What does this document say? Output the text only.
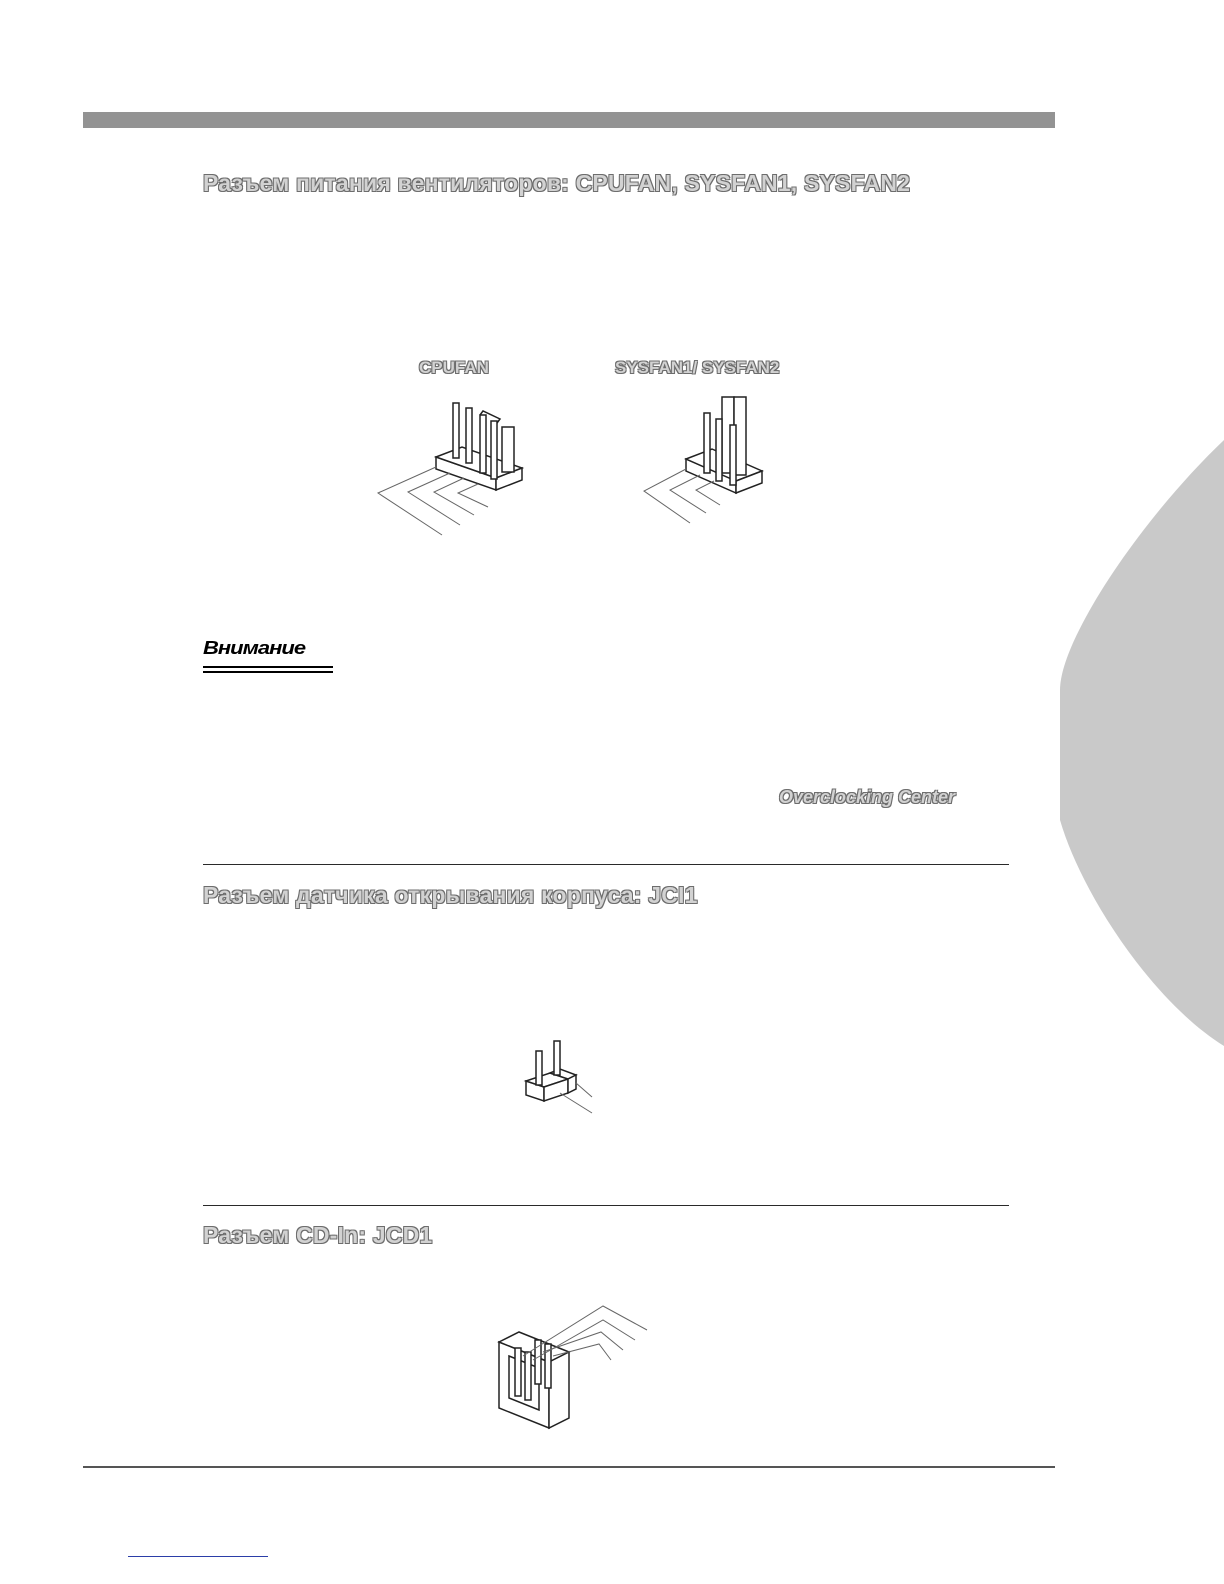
Разъем питания вентиляторов: CPUFAN, SYSFAN1, SYSFAN2
CPUFAN	SYSFAN1/ SYSFAN2
Внимание
Overclocking Center
Разъем датчика открывания корпуса: JCI1
Разъем CD-In: JCD1
